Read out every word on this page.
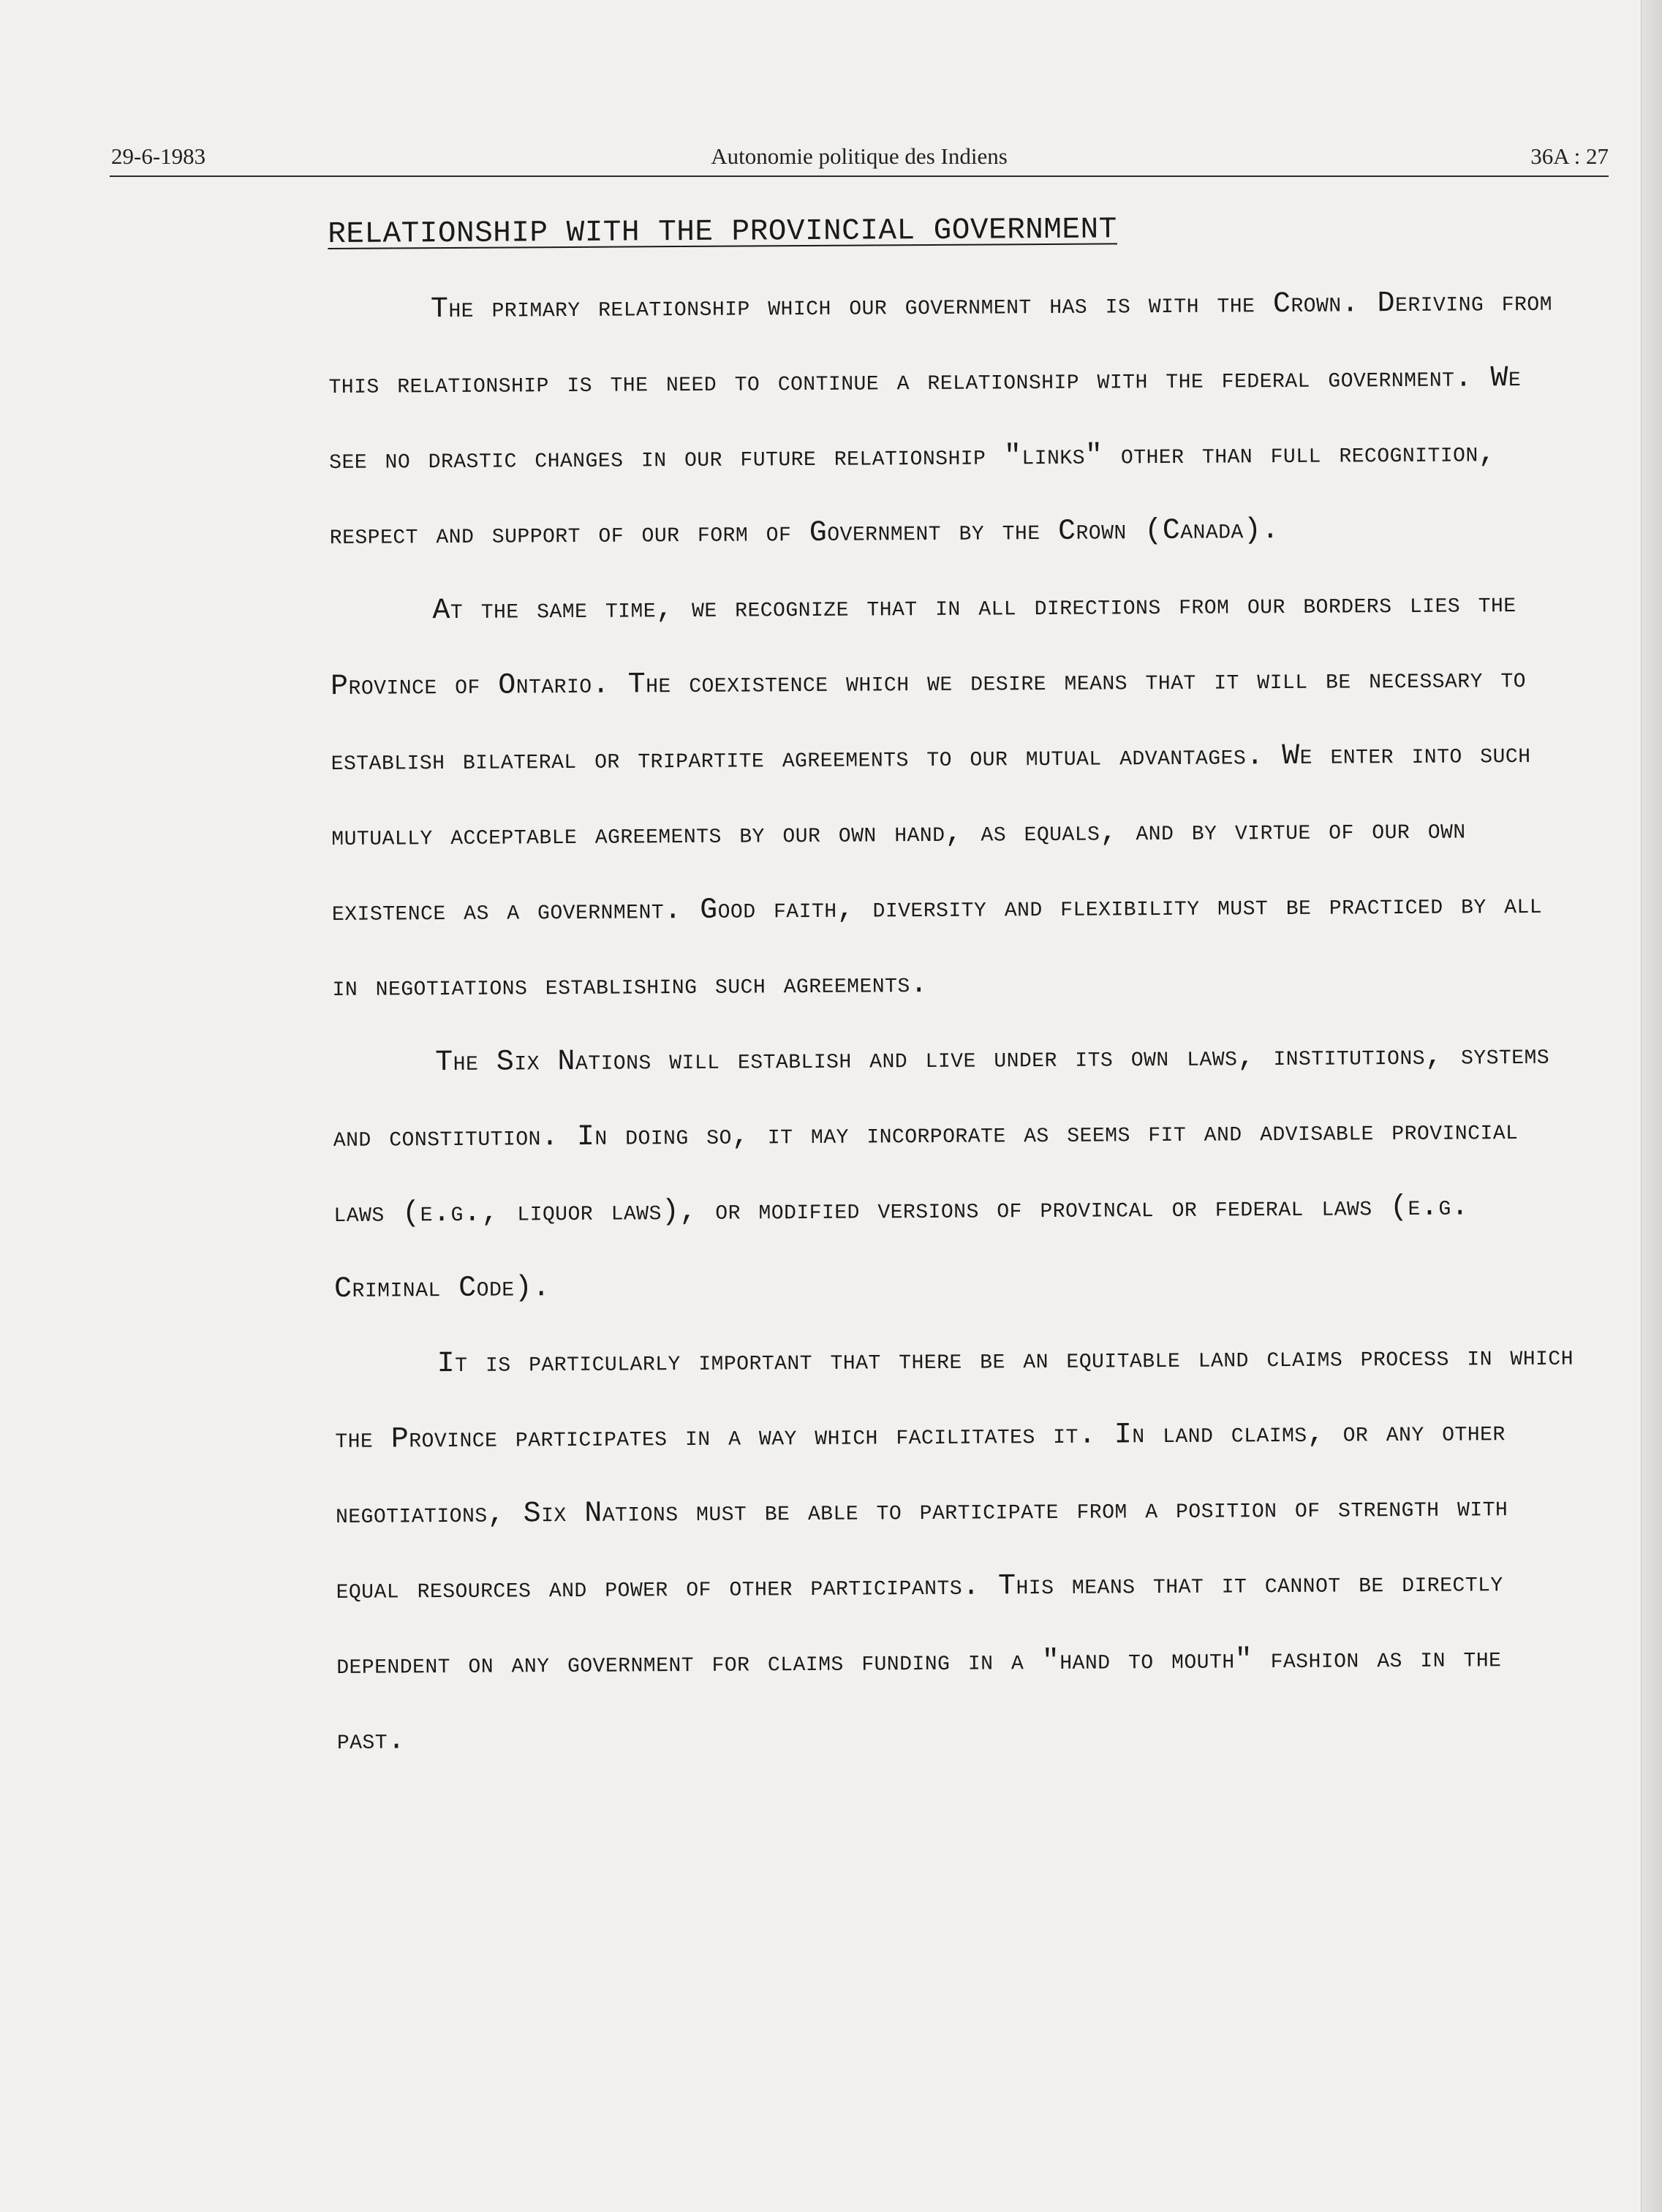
29-6-1983	Autonomie politique des Indiens	36A : 27
RELATIONSHIP WITH THE PROVINCIAL GOVERNMENT

The primary relationship which our government has is with the Crown. Deriving from this relationship is the need to continue a relationship with the federal government. We see no drastic changes in our future relationship "links" other than full recognition, respect and support of our form of Government by the Crown (Canada).

At the same time, we recognize that in all directions from our borders lies the Province of Ontario. The coexistence which we desire means that it will be necessary to establish bilateral or tripartite agreements to our mutual advantages. We enter into such mutually acceptable agreements by our own hand, as equals, and by virtue of our own existence as a government. Good faith, diversity and flexibility must be practiced by all in negotiations establishing such agreements.

The Six Nations will establish and live under its own laws, institutions, systems and constitution. In doing so, it may incorporate as seems fit and advisable provincial laws (e.g., liquor laws), or modified versions of provincal or federal laws (e.g. Criminal Code).

It is particularly important that there be an equitable land claims process in which the Province participates in a way which facilitates it. In land claims, or any other negotiations, Six Nations must be able to participate from a position of strength with equal resources and power of other participants. This means that it cannot be directly dependent on any government for claims funding in a "hand to mouth" fashion as in the past.
